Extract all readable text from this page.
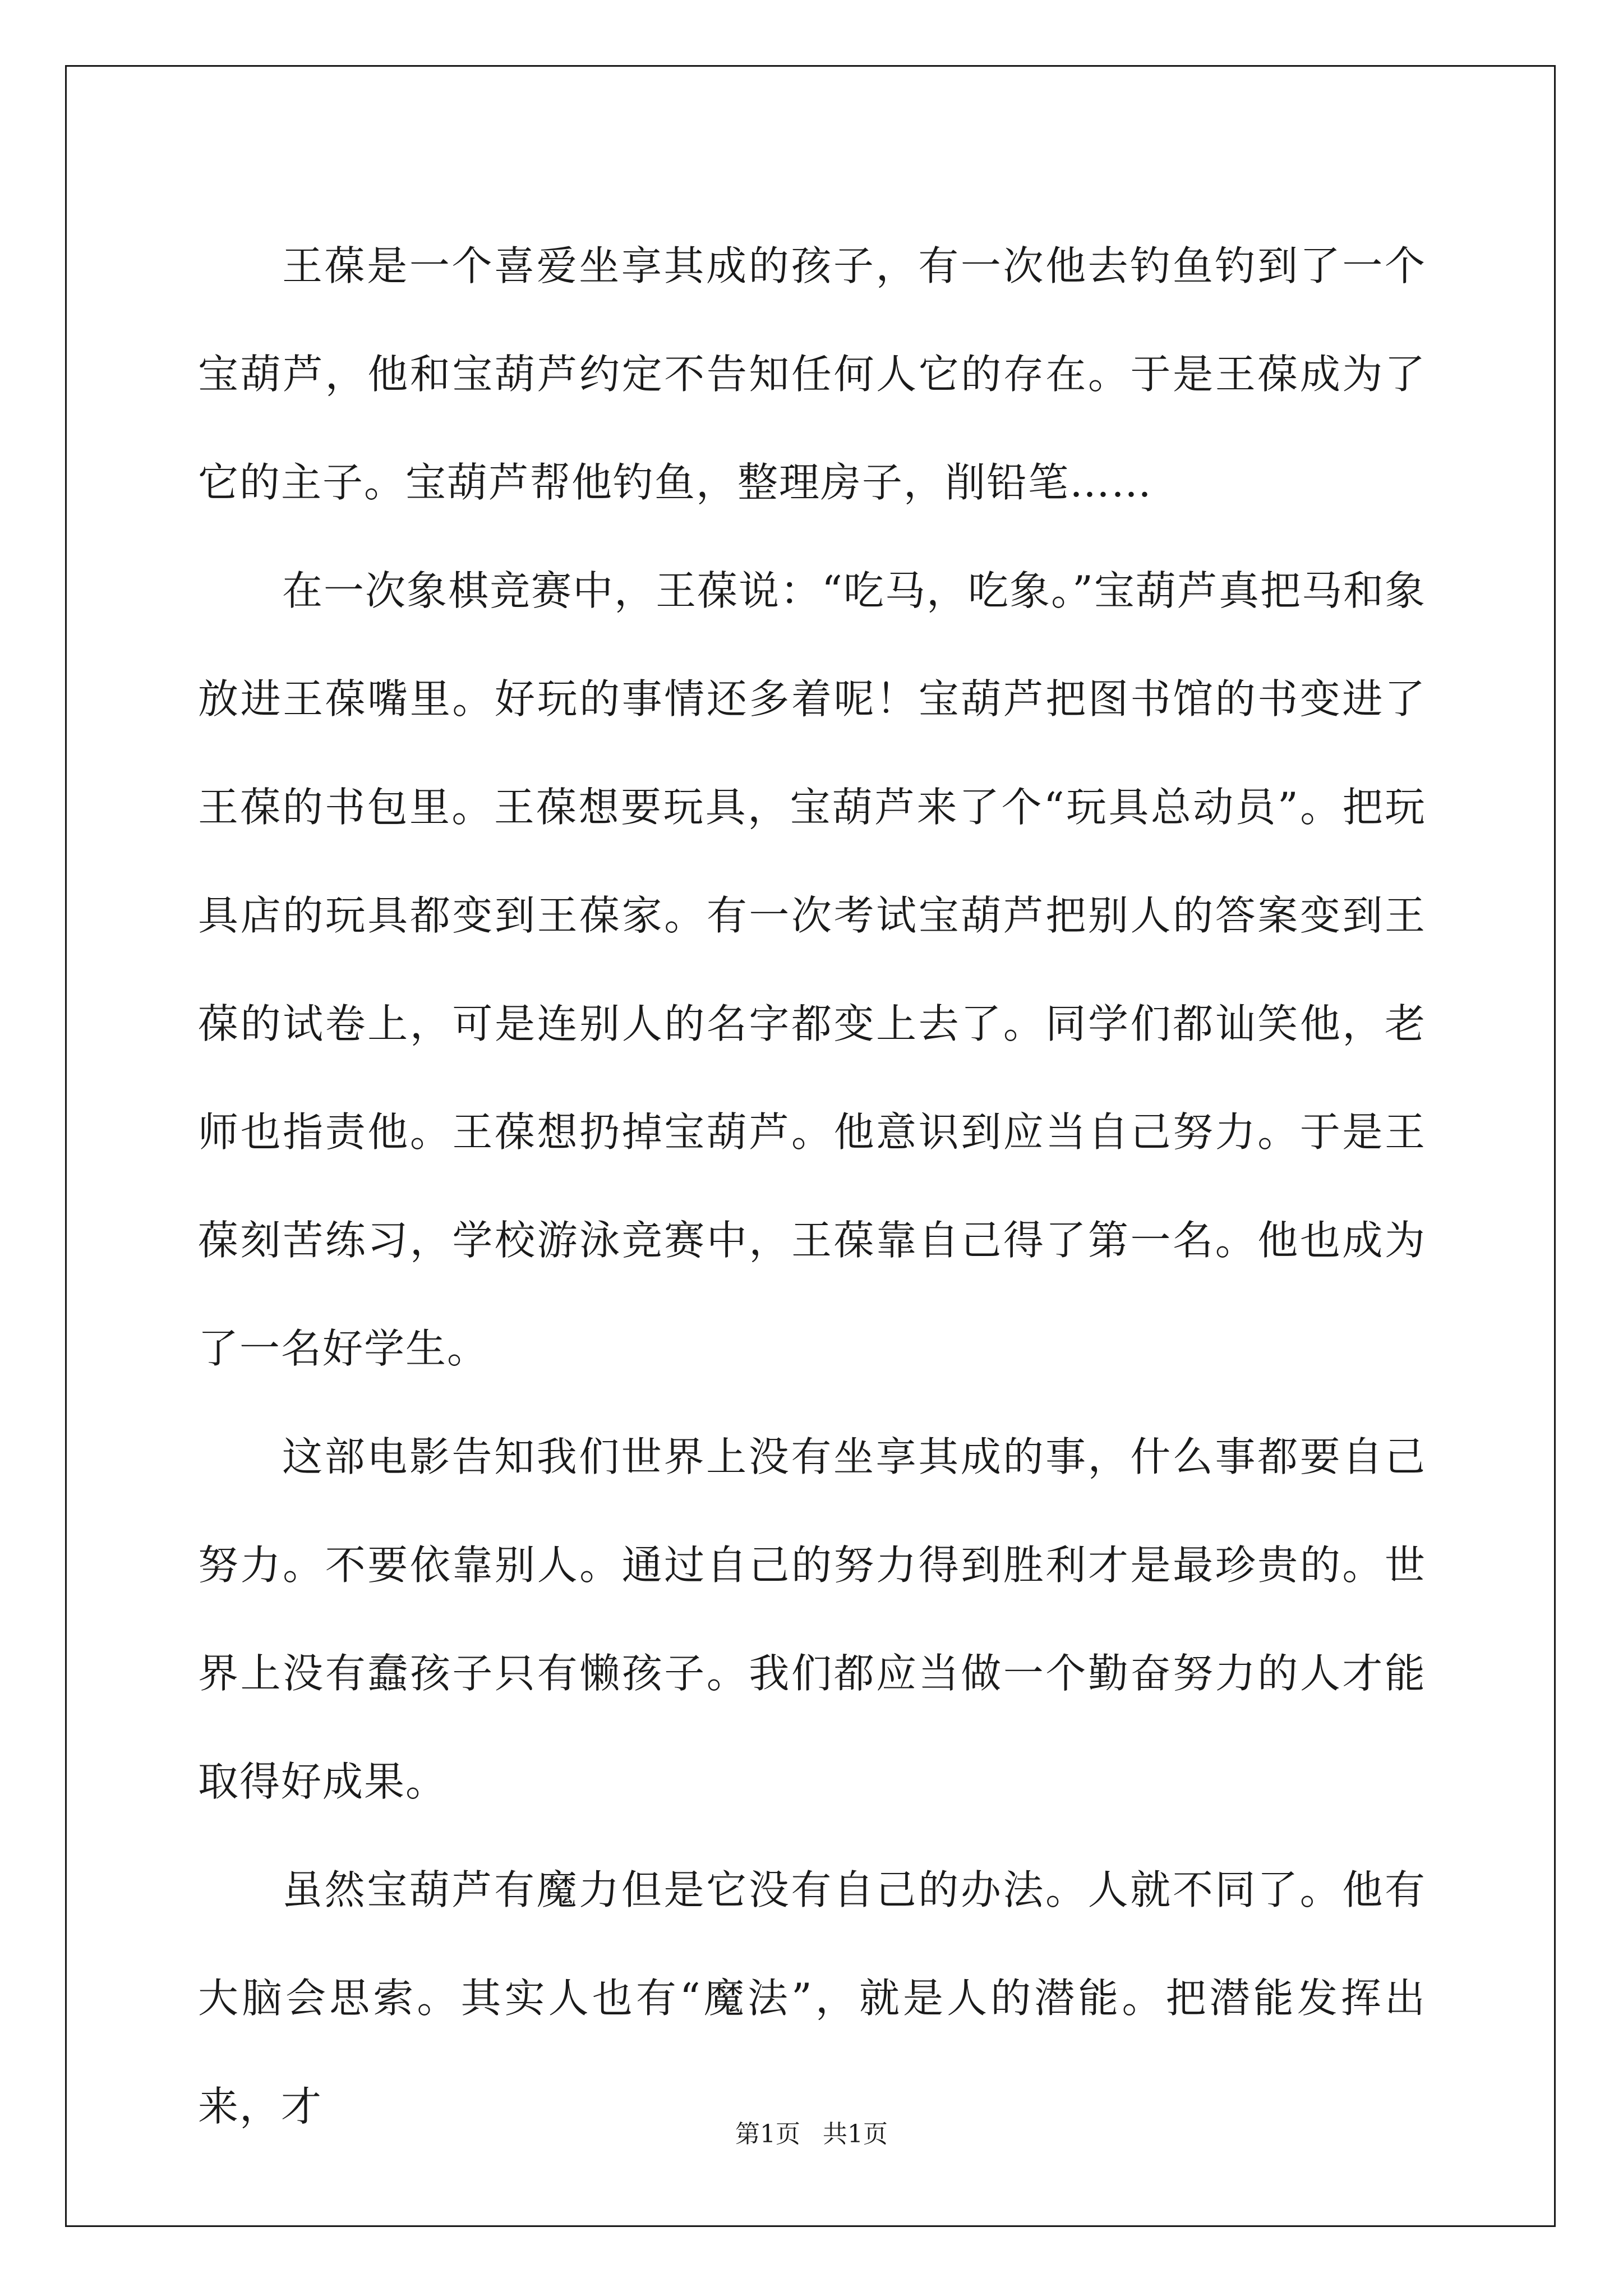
王葆是一个喜爱坐享其成的孩子，有一次他去钓鱼钓到了一个宝葫芦，他和宝葫芦约定不告知任何人它的存在。于是王葆成为了它的主子。宝葫芦帮他钓鱼，整理房子，削铅笔……

在一次象棋竞赛中，王葆说：“吃马，吃象。”宝葫芦真把马和象放进王葆嘴里。好玩的事情还多着呢！宝葫芦把图书馆的书变进了王葆的书包里。王葆想要玩具，宝葫芦来了个“玩具总动员”。把玩具店的玩具都变到王葆家。有一次考试宝葫芦把别人的答案变到王葆的试卷上，可是连别人的名字都变上去了。同学们都讪笑他，老师也指责他。王葆想扔掉宝葫芦。他意识到应当自己努力。于是王葆刻苦练习，学校游泳竞赛中，王葆靠自己得了第一名。他也成为了一名好学生。

这部电影告知我们世界上没有坐享其成的事，什么事都要自己努力。不要依靠别人。通过自己的努力得到胜利才是最珍贵的。世界上没有蠢孩子只有懒孩子。我们都应当做一个勤奋努力的人才能取得好成果。

虽然宝葫芦有魔力但是它没有自己的办法。人就不同了。他有大脑会思索。其实人也有“魔法”，就是人的潜能。把潜能发挥出来，才

第1页 共1页
